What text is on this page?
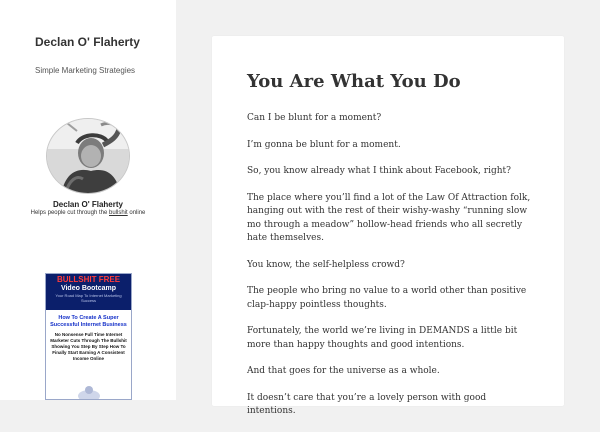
Declan O' Flaherty
Simple Marketing Strategies
Declan O' Flaherty
Helps people cut through the bullshit online
BULLSHIT FREE
Video Bootcamp
Your Road Map To Internet Marketing Success
How To Create A Super Successful Internet Business
No Nonsense Full Time Internet Marketer Cuts Through The Bullshit Showing You Step By Step How To Finally Start Earning A Consistent Income Online
You Are What You Do

Can I be blunt for a moment?

I’m gonna be blunt for a moment.

So, you know already what I think about Facebook, right?

The place where you’ll find a lot of the Law Of Attraction folk, hanging out with the rest of their wishy-washy “running slow mo through a meadow” hollow-head friends who all secretly hate themselves.

You know, the self-helpless crowd?

The people who bring no value to a world other than positive clap-happy pointless thoughts.

Fortunately, the world we’re living in DEMANDS a little bit more than happy thoughts and good intentions.

And that goes for the universe as a whole.

It doesn’t care that you’re a lovely person with good intentions.
